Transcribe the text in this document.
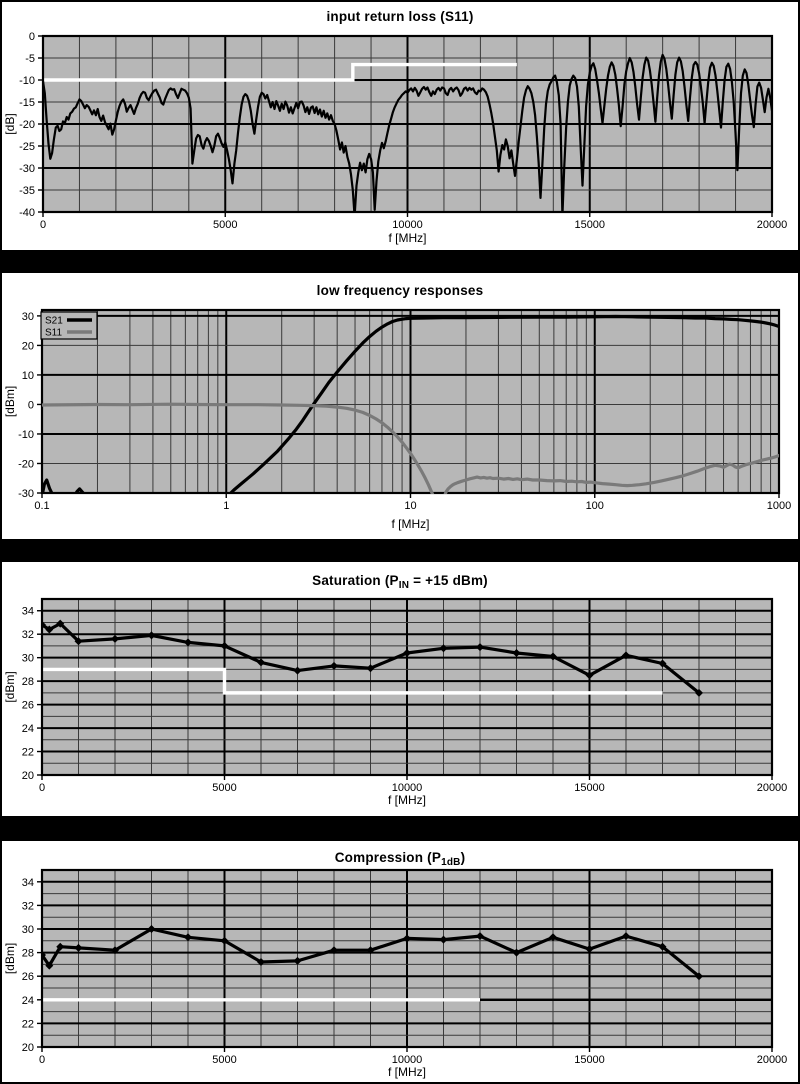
input return loss (S11)
0	5000	10000	15000	20000
0
-5
-10
-15
-20
-25
-30
-35
-40
f [MHz]
[dB]
low frequency responses
0.1	1	10	100	1000
30
20
10
0
-10
-20
-30
f [MHz]
[dBm]
S21
S11
Saturation ($P_{IN} = +15$ dBm)
0	5000	10000	15000	20000
34
32
30
28
26
24
22
20
f [MHz]
[dBm]
Compression $(P_{1dB})$
0	5000	10000	15000	20000
34
32
30
28
26
24
22
20
f [MHz]
[dBm]
